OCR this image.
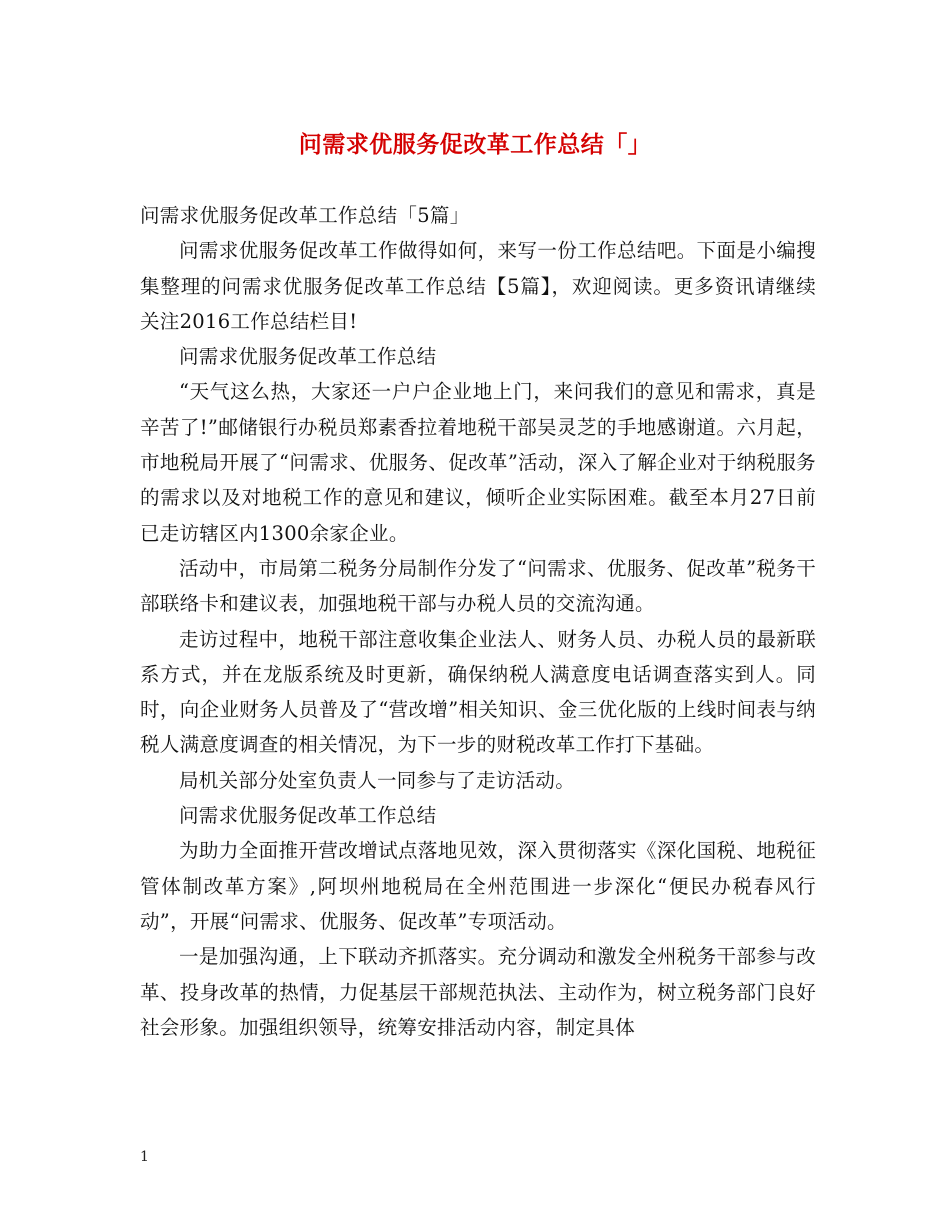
问需求优服务促改革工作总结「」

问需求优服务促改革工作总结「5篇」

问需求优服务促改革工作做得如何，来写一份工作总结吧。下面是小编搜集整理的问需求优服务促改革工作总结【5篇】，欢迎阅读。更多资讯请继续关注2016工作总结栏目!

问需求优服务促改革工作总结

“天气这么热，大家还一户户企业地上门，来问我们的意见和需求，真是辛苦了!”邮储银行办税员郑素香拉着地税干部吴灵芝的手地感谢道。六月起，市地税局开展了“问需求、优服务、促改革”活动，深入了解企业对于纳税服务的需求以及对地税工作的意见和建议，倾听企业实际困难。截至本月27日前已走访辖区内1300余家企业。

活动中，市局第二税务分局制作分发了“问需求、优服务、促改革”税务干部联络卡和建议表，加强地税干部与办税人员的交流沟通。

走访过程中，地税干部注意收集企业法人、财务人员、办税人员的最新联系方式，并在龙版系统及时更新，确保纳税人满意度电话调查落实到人。同时，向企业财务人员普及了“营改增”相关知识、金三优化版的上线时间表与纳税人满意度调查的相关情况，为下一步的财税改革工作打下基础。

局机关部分处室负责人一同参与了走访活动。

问需求优服务促改革工作总结

为助力全面推开营改增试点落地见效，深入贯彻落实《深化国税、地税征管体制改革方案》,阿坝州地税局在全州范围进一步深化“便民办税春风行动”，开展“问需求、优服务、促改革”专项活动。

一是加强沟通，上下联动齐抓落实。充分调动和激发全州税务干部参与改革、投身改革的热情，力促基层干部规范执法、主动作为，树立税务部门良好社会形象。加强组织领导，统筹安排活动内容，制定具体

1
